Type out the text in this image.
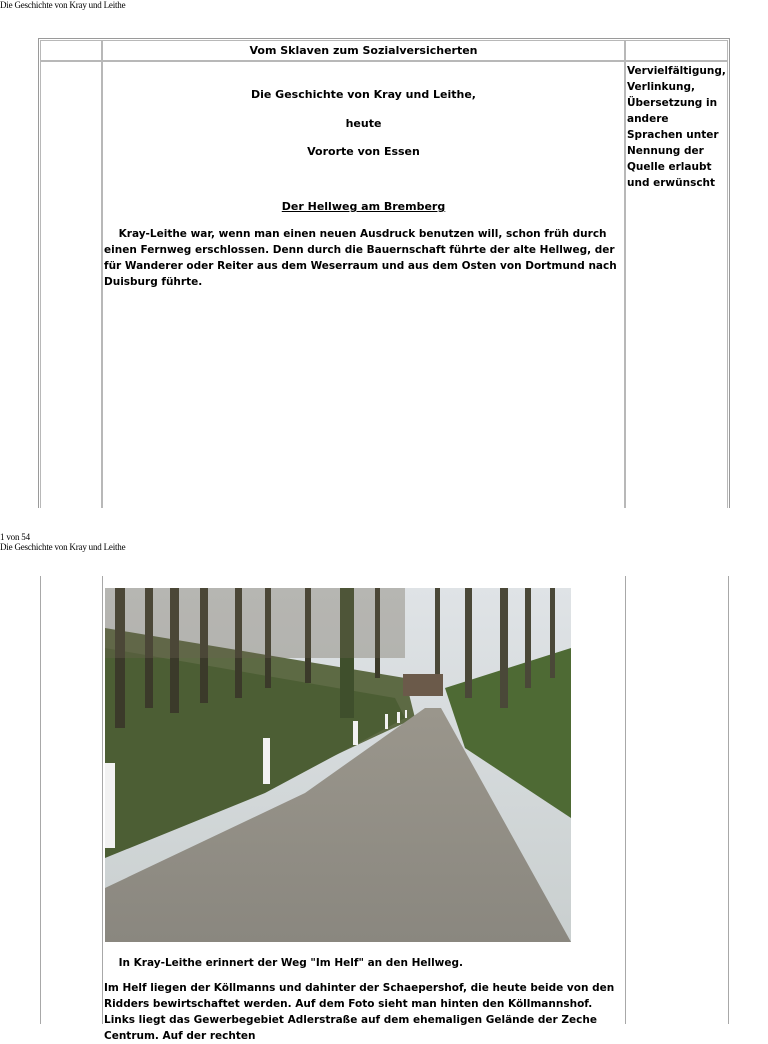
Die Geschichte von Kray und Leithe
Vom Sklaven zum Sozialversicherten
Vervielfältigung, Verlinkung, Übersetzung in andere Sprachen unter Nennung der Quelle erlaubt und erwünscht
Die Geschichte von Kray und Leithe,
heute
Vororte von Essen
Der Hellweg am Bremberg
Kray-Leithe war, wenn man einen neuen Ausdruck benutzen will, schon früh durch einen Fernweg erschlossen. Denn durch die Bauernschaft führte der alte Hellweg, der für Wanderer oder Reiter aus dem Weserraum und aus dem Osten von Dortmund nach Duisburg führte.
1 von 54
Die Geschichte von Kray und Leithe
In Kray-Leithe erinnert der Weg "Im Helf" an den Hellweg.
Im Helf liegen der Köllmanns und dahinter der Schaepershof, die heute beide von den Ridders bewirtschaftet werden. Auf dem Foto sieht man hinten den Köllmannshof. Links liegt das Gewerbegebiet Adlerstraße auf dem ehemaligen Gelände der Zeche Centrum. Auf der rechten
